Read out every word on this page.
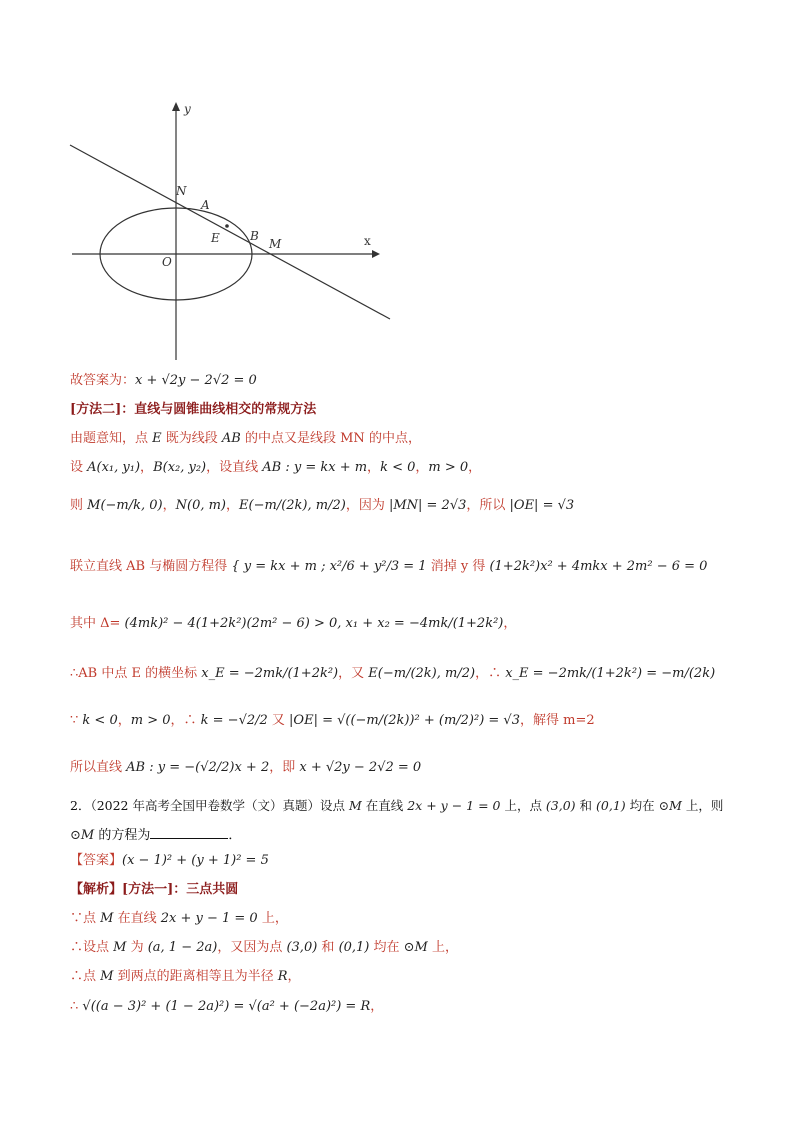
y
x
O
N
A
E	B
M
故答案为：x + √2y − 2√2 = 0
[方法二]：直线与圆锥曲线相交的常规方法
由题意知，点 E 既为线段 AB 的中点又是线段 MN 的中点，
设 A(x₁, y₁)，B(x₂, y₂)，设直线 AB : y = kx + m，k < 0，m > 0，
则 M(−m/k, 0)，N(0, m)，E(−m/(2k), m/2)，因为 |MN| = 2√3，所以 |OE| = √3
联立直线 AB 与椭圆方程得 { y = kx + m ; x²/6 + y²/3 = 1 消掉 y 得 (1+2k²)x² + 4mkx + 2m² − 6 = 0
其中 Δ= (4mk)² − 4(1+2k²)(2m² − 6) > 0, x₁ + x₂ = −4mk/(1+2k²)，
∴AB 中点 E 的横坐标 x_E = −2mk/(1+2k²)，又 E(−m/(2k), m/2)，∴ x_E = −2mk/(1+2k²) = −m/(2k)
∵ k < 0，m > 0，∴ k = −√2/2 又 |OE| = √((−m/(2k))² + (m/2)²) = √3，解得 m=2
所以直线 AB : y = −(√2/2)x + 2，即 x + √2y − 2√2 = 0
2．（2022 年高考全国甲卷数学（文）真题）设点 M 在直线 2x + y − 1 = 0 上，点 (3,0) 和 (0,1) 均在 ⊙M 上，则
⊙M 的方程为	．
【答案】(x − 1)² + (y + 1)² = 5
【解析】[方法一]：三点共圆
∵点 M 在直线 2x + y − 1 = 0 上，
∴设点 M 为 (a, 1 − 2a)，又因为点 (3,0) 和 (0,1) 均在 ⊙M 上，
∴点 M 到两点的距离相等且为半径 R，
∴ √((a − 3)² + (1 − 2a)²) = √(a² + (−2a)²) = R，
